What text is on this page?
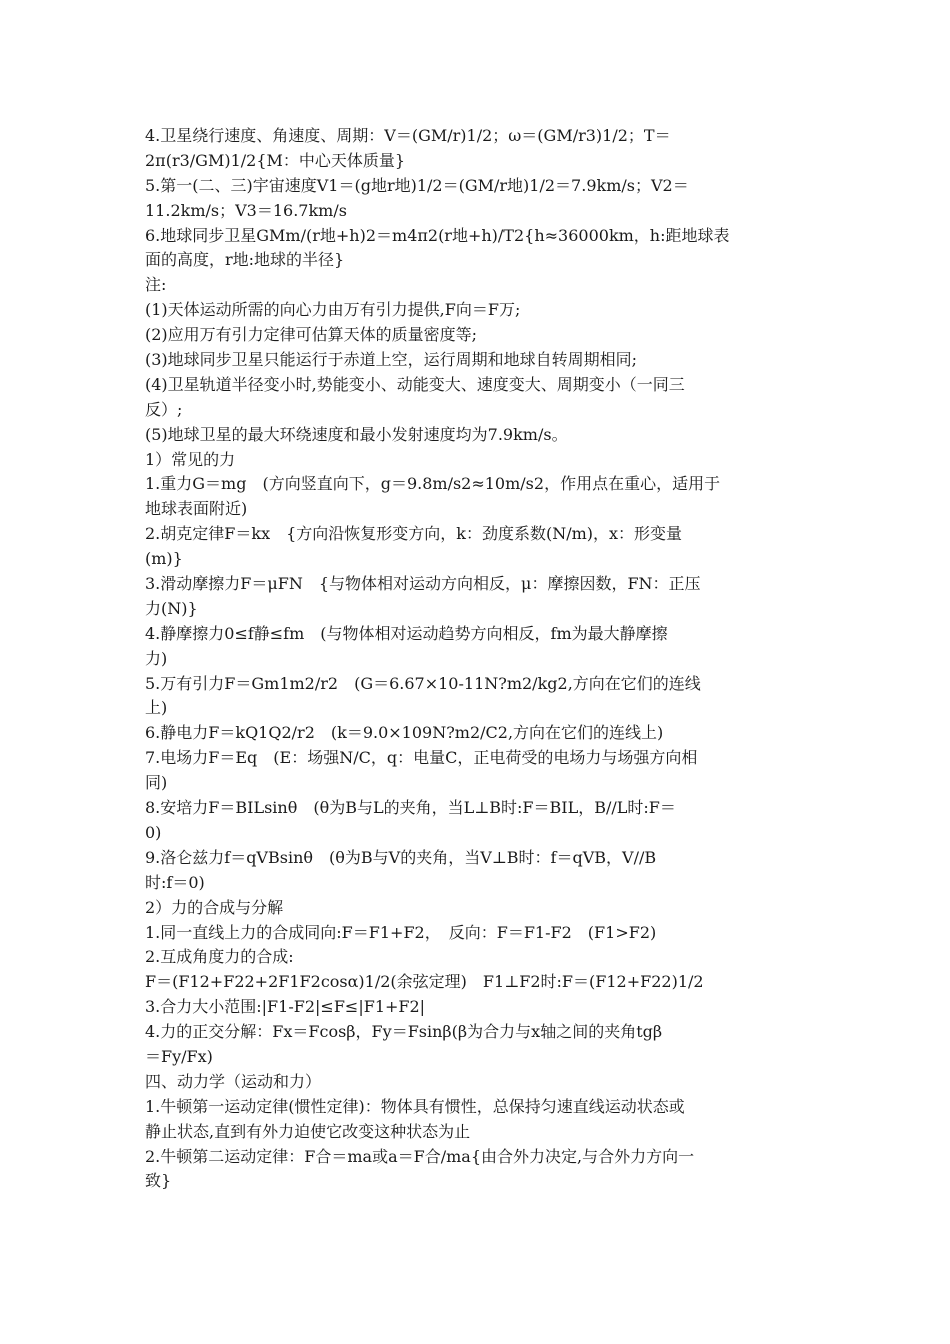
4.卫星绕行速度、角速度、周期：V＝(GM/r)1/2；ω＝(GM/r3)1/2；T＝
2π(r3/GM)1/2{M：中心天体质量}
5.第一(二、三)宇宙速度V1＝(g地r地)1/2＝(GM/r地)1/2＝7.9km/s；V2＝
11.2km/s；V3＝16.7km/s
6.地球同步卫星GMm/(r地+h)2＝m4π2(r地+h)/T2{h≈36000km，h:距地球表
面的高度，r地:地球的半径}
注:
(1)天体运动所需的向心力由万有引力提供,F向＝F万;
(2)应用万有引力定律可估算天体的质量密度等;
(3)地球同步卫星只能运行于赤道上空，运行周期和地球自转周期相同;
(4)卫星轨道半径变小时,势能变小、动能变大、速度变大、周期变小（一同三
反）;
(5)地球卫星的最大环绕速度和最小发射速度均为7.9km/s。
1）常见的力
1.重力G＝mg　(方向竖直向下，g＝9.8m/s2≈10m/s2，作用点在重心，适用于
地球表面附近)
2.胡克定律F＝kx　{方向沿恢复形变方向，k：劲度系数(N/m)，x：形变量
(m)}
3.滑动摩擦力F＝μFN　{与物体相对运动方向相反，μ：摩擦因数，FN：正压
力(N)}
4.静摩擦力0≤f静≤fm　(与物体相对运动趋势方向相反，fm为最大静摩擦
力)
5.万有引力F＝Gm1m2/r2　(G＝6.67×10-11N?m2/kg2,方向在它们的连线
上)
6.静电力F＝kQ1Q2/r2　(k＝9.0×109N?m2/C2,方向在它们的连线上)
7.电场力F＝Eq　(E：场强N/C，q：电量C，正电荷受的电场力与场强方向相
同)
8.安培力F＝BILsinθ　(θ为B与L的夹角，当L⊥B时:F＝BIL，B//L时:F＝
0)
9.洛仑兹力f＝qVBsinθ　(θ为B与V的夹角，当V⊥B时：f＝qVB，V//B
时:f＝0)
2）力的合成与分解
1.同一直线上力的合成同向:F＝F1+F2，　反向：F＝F1-F2　(F1>F2)
2.互成角度力的合成:
F＝(F12+F22+2F1F2cosα)1/2(余弦定理)　F1⊥F2时:F＝(F12+F22)1/2
3.合力大小范围:|F1-F2|≤F≤|F1+F2|
4.力的正交分解：Fx＝Fcosβ，Fy＝Fsinβ(β为合力与x轴之间的夹角tgβ
＝Fy/Fx)
四、动力学（运动和力）
1.牛顿第一运动定律(惯性定律)：物体具有惯性，总保持匀速直线运动状态或
静止状态,直到有外力迫使它改变这种状态为止
2.牛顿第二运动定律：F合＝ma或a＝F合/ma{由合外力决定,与合外力方向一
致}
